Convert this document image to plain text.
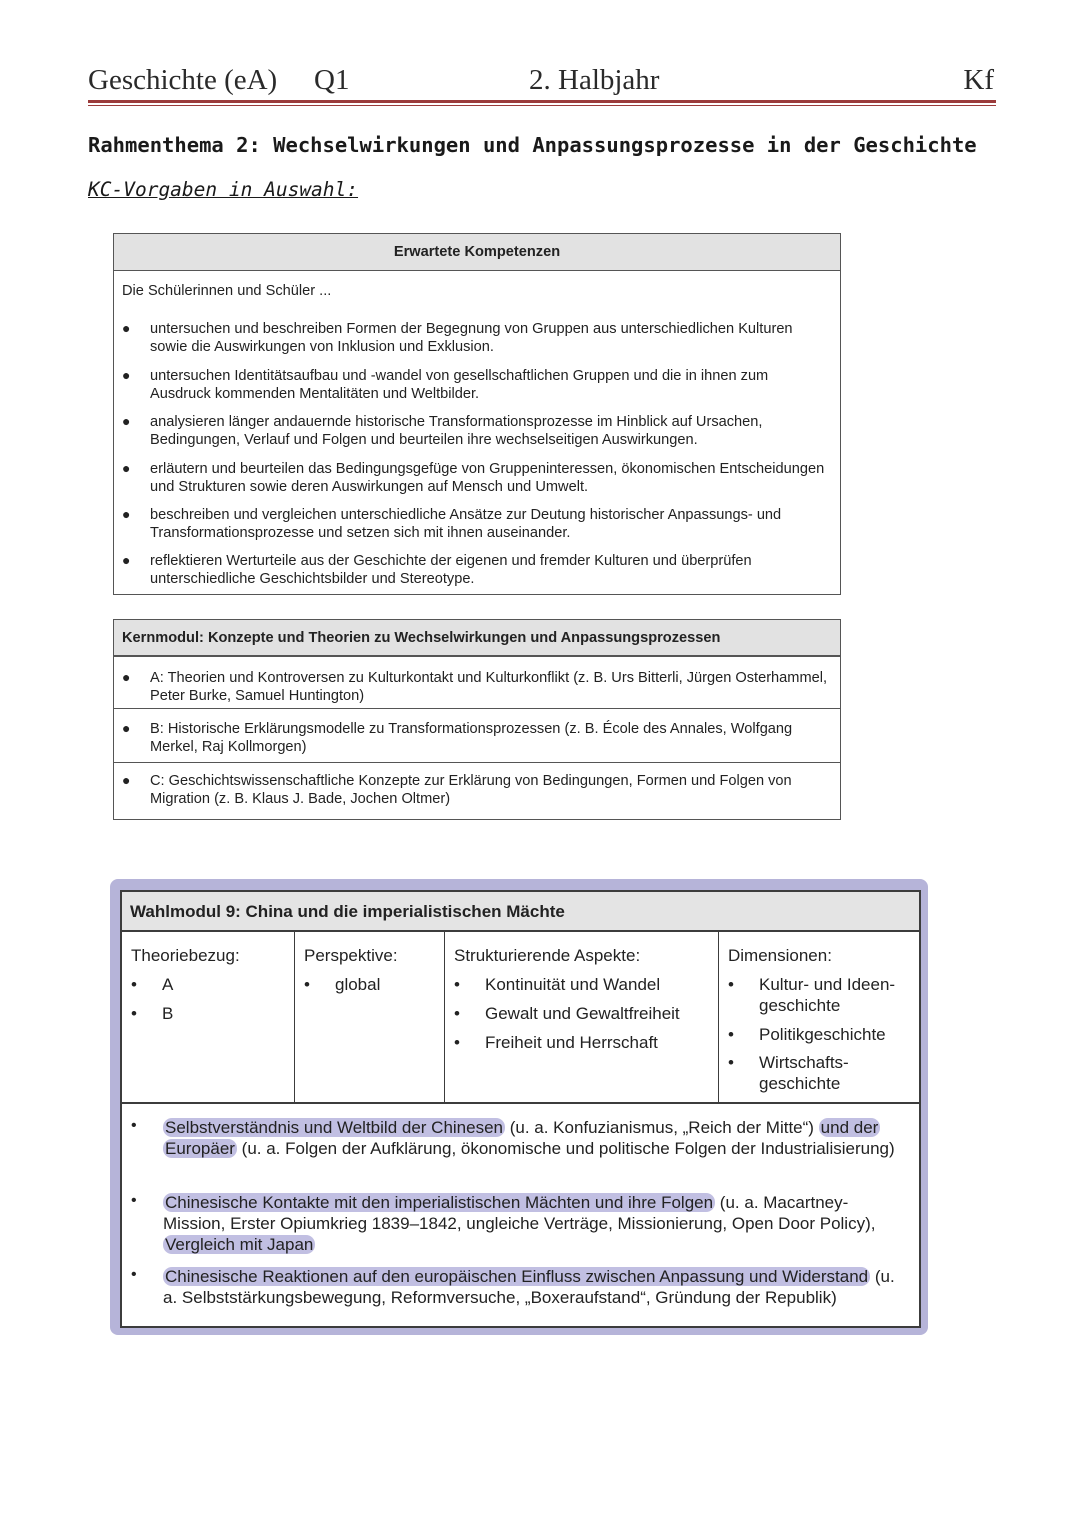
Geschichte (eA) Q1	2. Halbjahr	Kf
Rahmenthema 2: Wechselwirkungen und Anpassungsprozesse in der Geschichte
KC-Vorgaben in Auswahl:
Erwartete Kompetenzen
Die Schülerinnen und Schüler ...
● untersuchen und beschreiben Formen der Begegnung von Gruppen aus unterschiedlichen Kulturen sowie die Auswirkungen von Inklusion und Exklusion.
● untersuchen Identitätsaufbau und -wandel von gesellschaftlichen Gruppen und die in ihnen zum Ausdruck kommenden Mentalitäten und Weltbilder.
● analysieren länger andauernde historische Transformationsprozesse im Hinblick auf Ursachen, Bedingungen, Verlauf und Folgen und beurteilen ihre wechselseitigen Auswirkungen.
● erläutern und beurteilen das Bedingungsgefüge von Gruppeninteressen, ökonomischen Entscheidungen und Strukturen sowie deren Auswirkungen auf Mensch und Umwelt.
● beschreiben und vergleichen unterschiedliche Ansätze zur Deutung historischer Anpassungs- und Transformationsprozesse und setzen sich mit ihnen auseinander.
● reflektieren Werturteile aus der Geschichte der eigenen und fremder Kulturen und überprüfen unterschiedliche Geschichtsbilder und Stereotype.
Kernmodul: Konzepte und Theorien zu Wechselwirkungen und Anpassungsprozessen
● A: Theorien und Kontroversen zu Kulturkontakt und Kulturkonflikt (z. B. Urs Bitterli, Jürgen Osterhammel, Peter Burke, Samuel Huntington)
● B: Historische Erklärungsmodelle zu Transformationsprozessen (z. B. École des Annales, Wolfgang Merkel, Raj Kollmorgen)
● C: Geschichtswissenschaftliche Konzepte zur Erklärung von Bedingungen, Formen und Folgen von Migration (z. B. Klaus J. Bade, Jochen Oltmer)
Wahlmodul 9: China und die imperialistischen Mächte
Theoriebezug:
• A
• B
Perspektive:
• global
Strukturierende Aspekte:
• Kontinuität und Wandel
• Gewalt und Gewaltfreiheit
• Freiheit und Herrschaft
Dimensionen:
• Kultur- und Ideen-geschichte
• Politikgeschichte
• Wirtschafts-geschichte
• Selbstverständnis und Weltbild der Chinesen (u. a. Konfuzianismus, „Reich der Mitte“) und der Europäer (u. a. Folgen der Aufklärung, ökonomische und politische Folgen der Industrialisierung)
• Chinesische Kontakte mit den imperialistischen Mächten und ihre Folgen (u. a. Macartney-Mission, Erster Opiumkrieg 1839–1842, ungleiche Verträge, Missionierung, Open Door Policy), Vergleich mit Japan
• Chinesische Reaktionen auf den europäischen Einfluss zwischen Anpassung und Widerstand (u. a. Selbststärkungsbewegung, Reformversuche, „Boxeraufstand“, Gründung der Republik)
